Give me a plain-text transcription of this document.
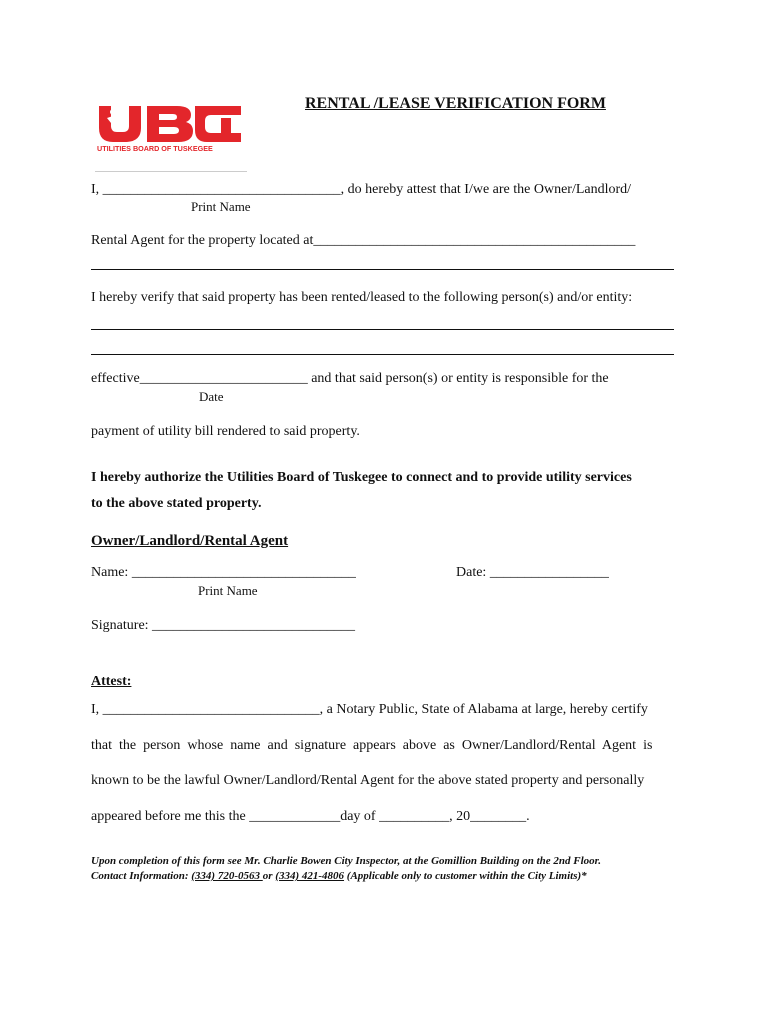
UTILITIES BOARD OF TUSKEGEE
RENTAL /LEASE VERIFICATION FORM
I, __________________________________, do hereby attest that I/we are the Owner/Landlord/
Print Name
Rental Agent for the property located at______________________________________________
I hereby verify that said property has been rented/leased to the following person(s) and/or entity:
effective________________________ and that said person(s) or entity is responsible for the
Date
payment of utility bill rendered to said property.
I hereby authorize the Utilities Board of Tuskegee to connect and to provide utility services
to the above stated property.
Owner/Landlord/Rental Agent
Name: ________________________________	Date: _________________
Print Name
Signature: _____________________________
Attest:
I, _______________________________, a Notary Public, State of Alabama at large, hereby certify
that  the  person  whose  name  and  signature  appears  above  as  Owner/Landlord/Rental  Agent  is
known to be the lawful Owner/Landlord/Rental Agent for the above stated property and personally
appeared before me this the _____________day of __________, 20________.
Upon completion of this form see Mr. Charlie Bowen City Inspector, at the Gomillion Building on the 2nd Floor.
Contact Information: (334) 720-0563 or (334) 421-4806 (Applicable only to customer within the City Limits)*
